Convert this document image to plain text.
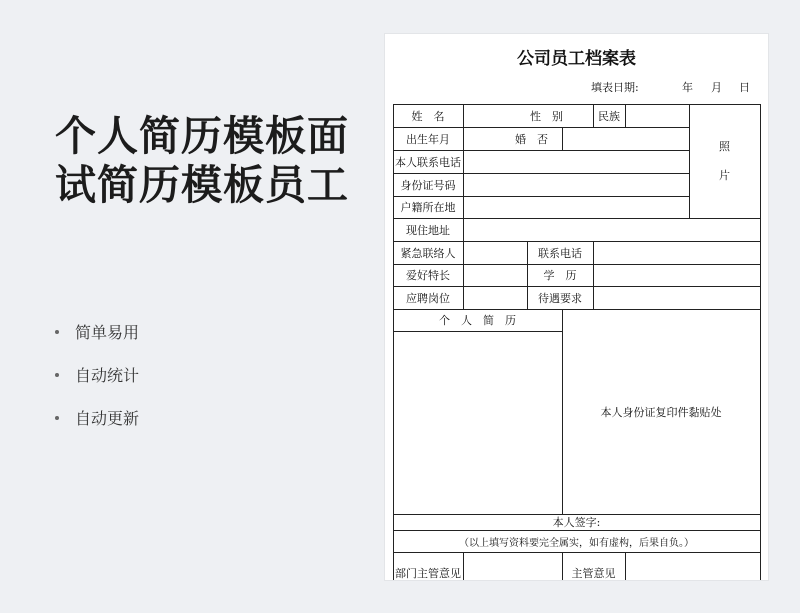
个人简历模板面
试简历模板员工
简单易用
自动统计
自动更新
公司员工档案表
填表日期:	年 月 日
姓　名	性　别	民族
照
片
出生年月	婚　否
本人联系电话
身份证号码
户籍所在地
现住地址
紧急联络人	联系电话
爱好特长	学　历
应聘岗位	待遇要求
个　人　简　历
本人身份证复印件黏贴处
本人签字:
（以上填写资料要完全属实，如有虚构，后果自负。）
部门主管意见	主管意见
